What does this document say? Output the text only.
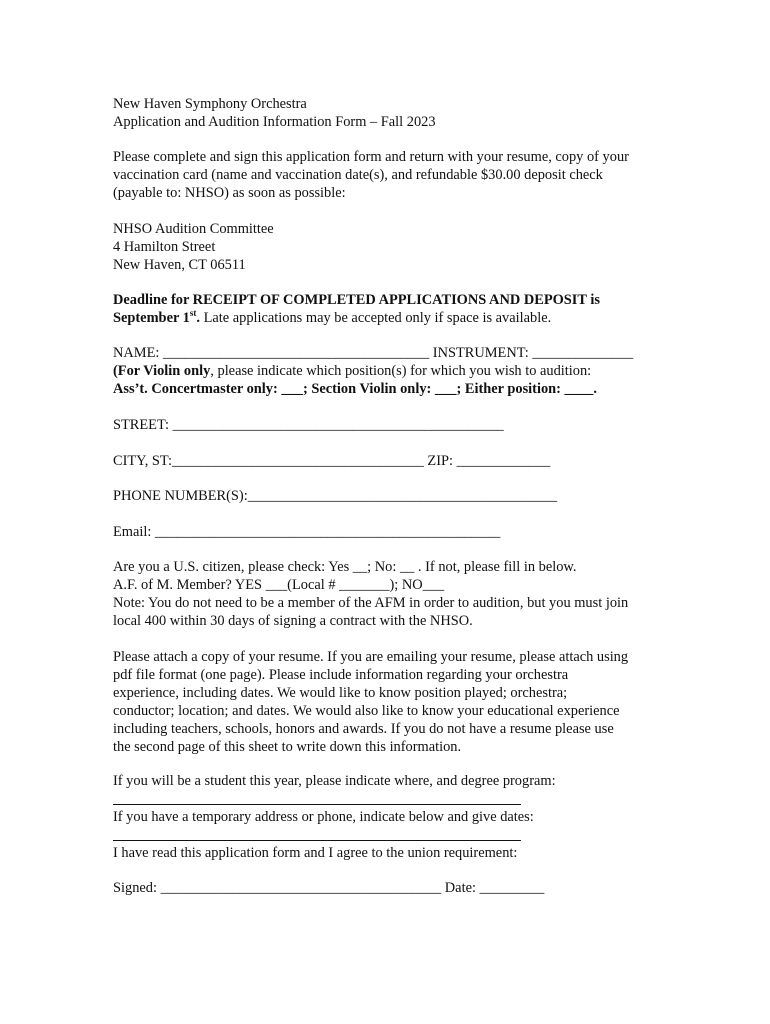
New Haven Symphony Orchestra
Application and Audition Information Form – Fall 2023
Please complete and sign this application form and return with your resume, copy of your
vaccination card (name and vaccination date(s), and refundable $30.00 deposit check
(payable to: NHSO) as soon as possible:
NHSO Audition Committee
4 Hamilton Street
New Haven, CT 06511
Deadline for RECEIPT OF COMPLETED APPLICATIONS AND DEPOSIT is
September 1st. Late applications may be accepted only if space is available.
NAME: _____________________________________ INSTRUMENT: ______________
(For Violin only, please indicate which position(s) for which you wish to audition:
Ass’t. Concertmaster only: ___; Section Violin only: ___; Either position: ____.
STREET: ______________________________________________
CITY, ST:___________________________________ ZIP: _____________
PHONE NUMBER(S):___________________________________________
Email: ________________________________________________
Are you a U.S. citizen, please check: Yes __; No: __ . If not, please fill in below.
A.F. of M. Member? YES ___(Local # _______); NO___
Note: You do not need to be a member of the AFM in order to audition, but you must join
local 400 within 30 days of signing a contract with the NHSO.
Please attach a copy of your resume. If you are emailing your resume, please attach using
pdf file format (one page). Please include information regarding your orchestra
experience, including dates. We would like to know position played; orchestra;
conductor; location; and dates. We would also like to know your educational experience
including teachers, schools, honors and awards. If you do not have a resume please use
the second page of this sheet to write down this information.
If you will be a student this year, please indicate where, and degree program:
If you have a temporary address or phone, indicate below and give dates:
I have read this application form and I agree to the union requirement:
Signed: _______________________________________ Date: _________
